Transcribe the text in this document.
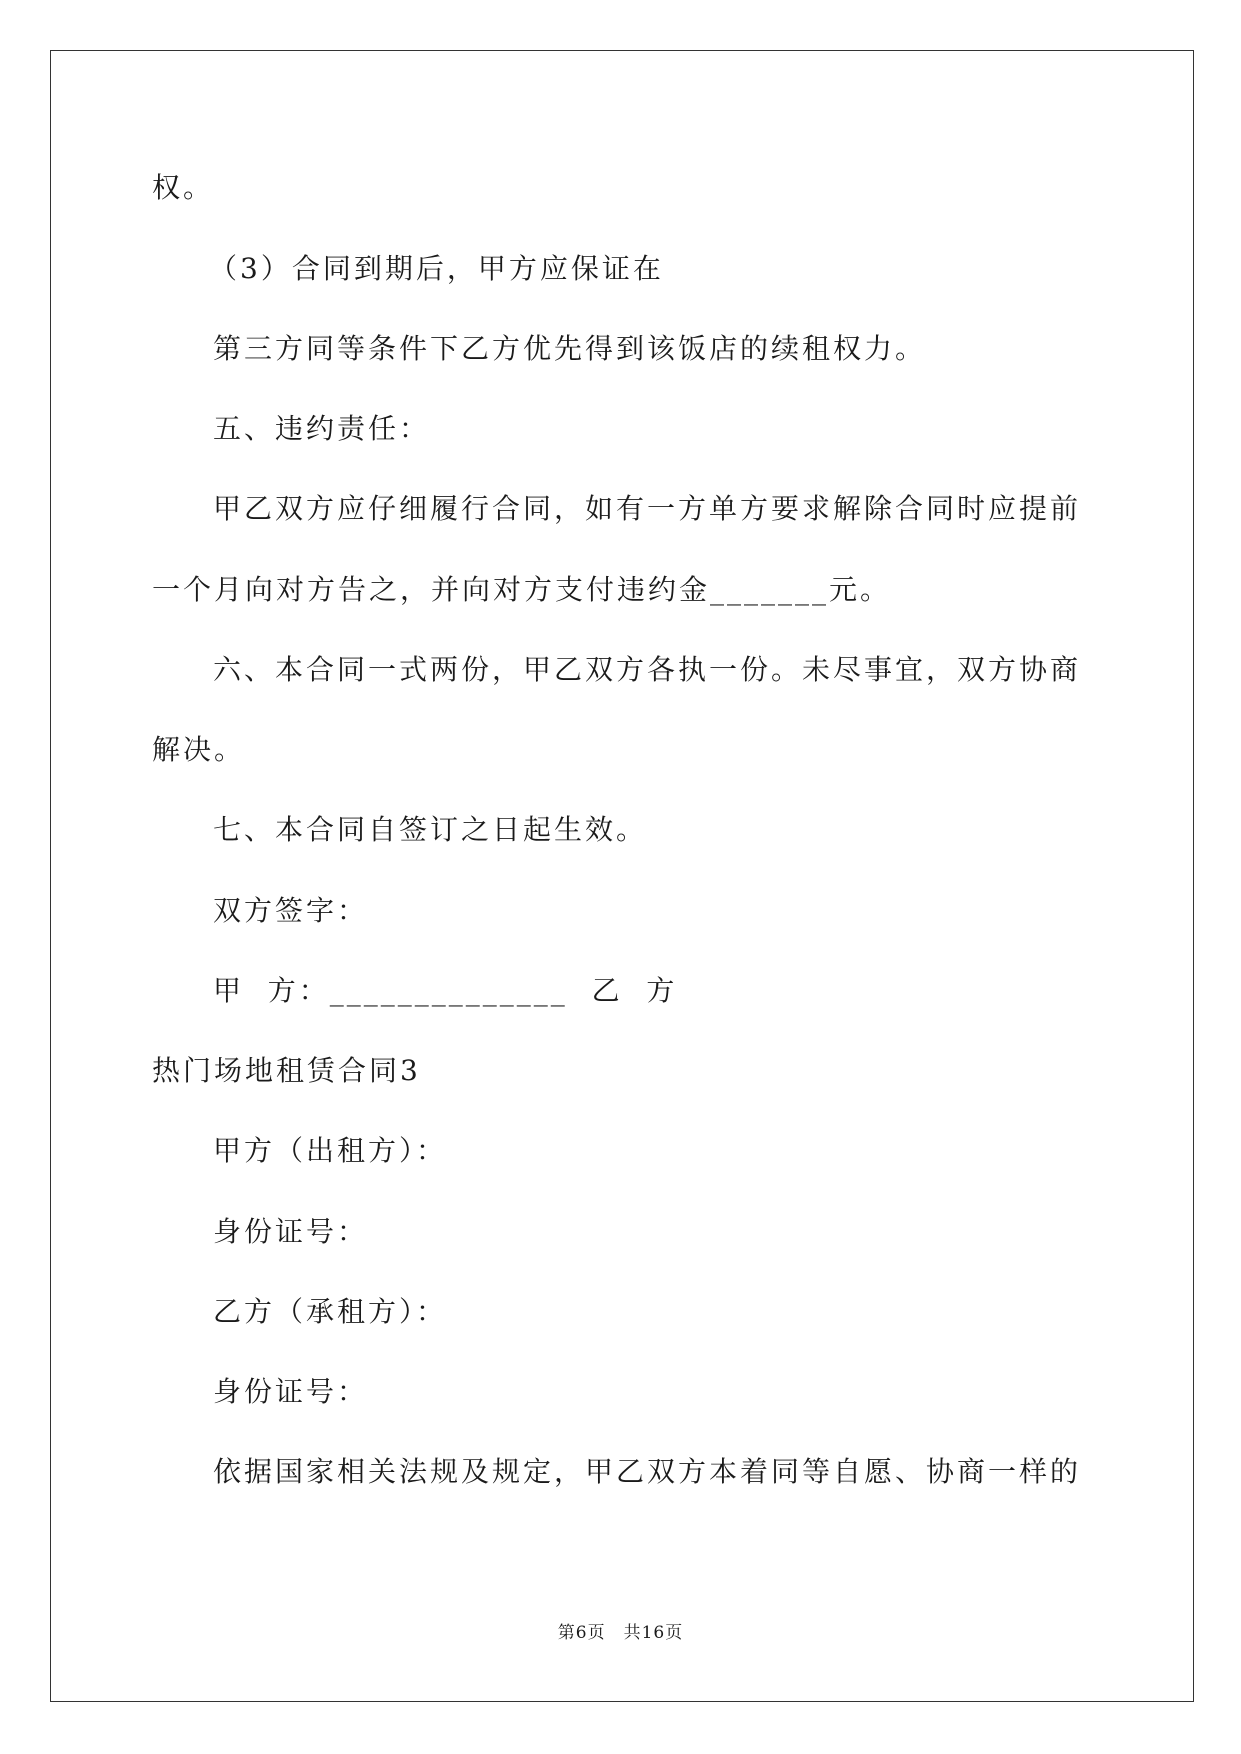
权。
（3）合同到期后，甲方应保证在
第三方同等条件下乙方优先得到该饭店的续租权力。
五、违约责任：
甲乙双方应仔细履行合同，如有一方单方要求解除合同时应提前
一个月向对方告之，并向对方支付违约金_______元。
六、本合同一式两份，甲乙双方各执一份。未尽事宜，双方协商
解决。
七、本合同自签订之日起生效。
双方签字：
甲  方：______________  乙  方
热门场地租赁合同3
甲方（出租方）：
身份证号：
乙方（承租方）：
身份证号：
依据国家相关法规及规定，甲乙双方本着同等自愿、协商一样的
第6页 共16页
